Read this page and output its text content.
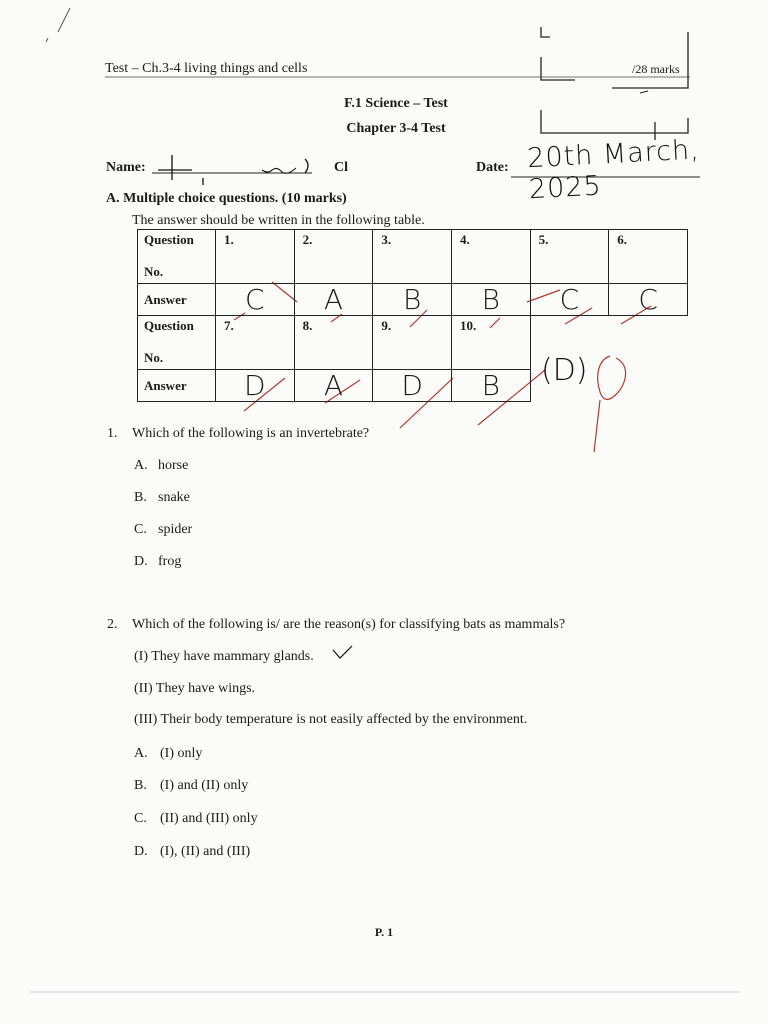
Test – Ch.3-4 living things and cells	/28 marks
F.1 Science – Test
Chapter 3-4 Test
Name:	Cl	Date: 20th March, 2025
A. Multiple choice questions. (10 marks)
The answer should be written in the following table.
Question

No.	1.	2.	3.	4.	5.	6.
Answer	C	A	B	B	C	C

Question

No.	7.	8.	9.	10.		
Answer	D	A	D	B			(D)
1. Which of the following is an invertebrate?
A. horse
B. snake
C. spider
D. frog
2. Which of the following is/ are the reason(s) for classifying bats as mammals?
(I) They have mammary glands.
(II) They have wings.
(III) Their body temperature is not easily affected by the environment.
A. (I) only
B. (I) and (II) only
C. (II) and (III) only
D. (I), (II) and (III)
P. 1
